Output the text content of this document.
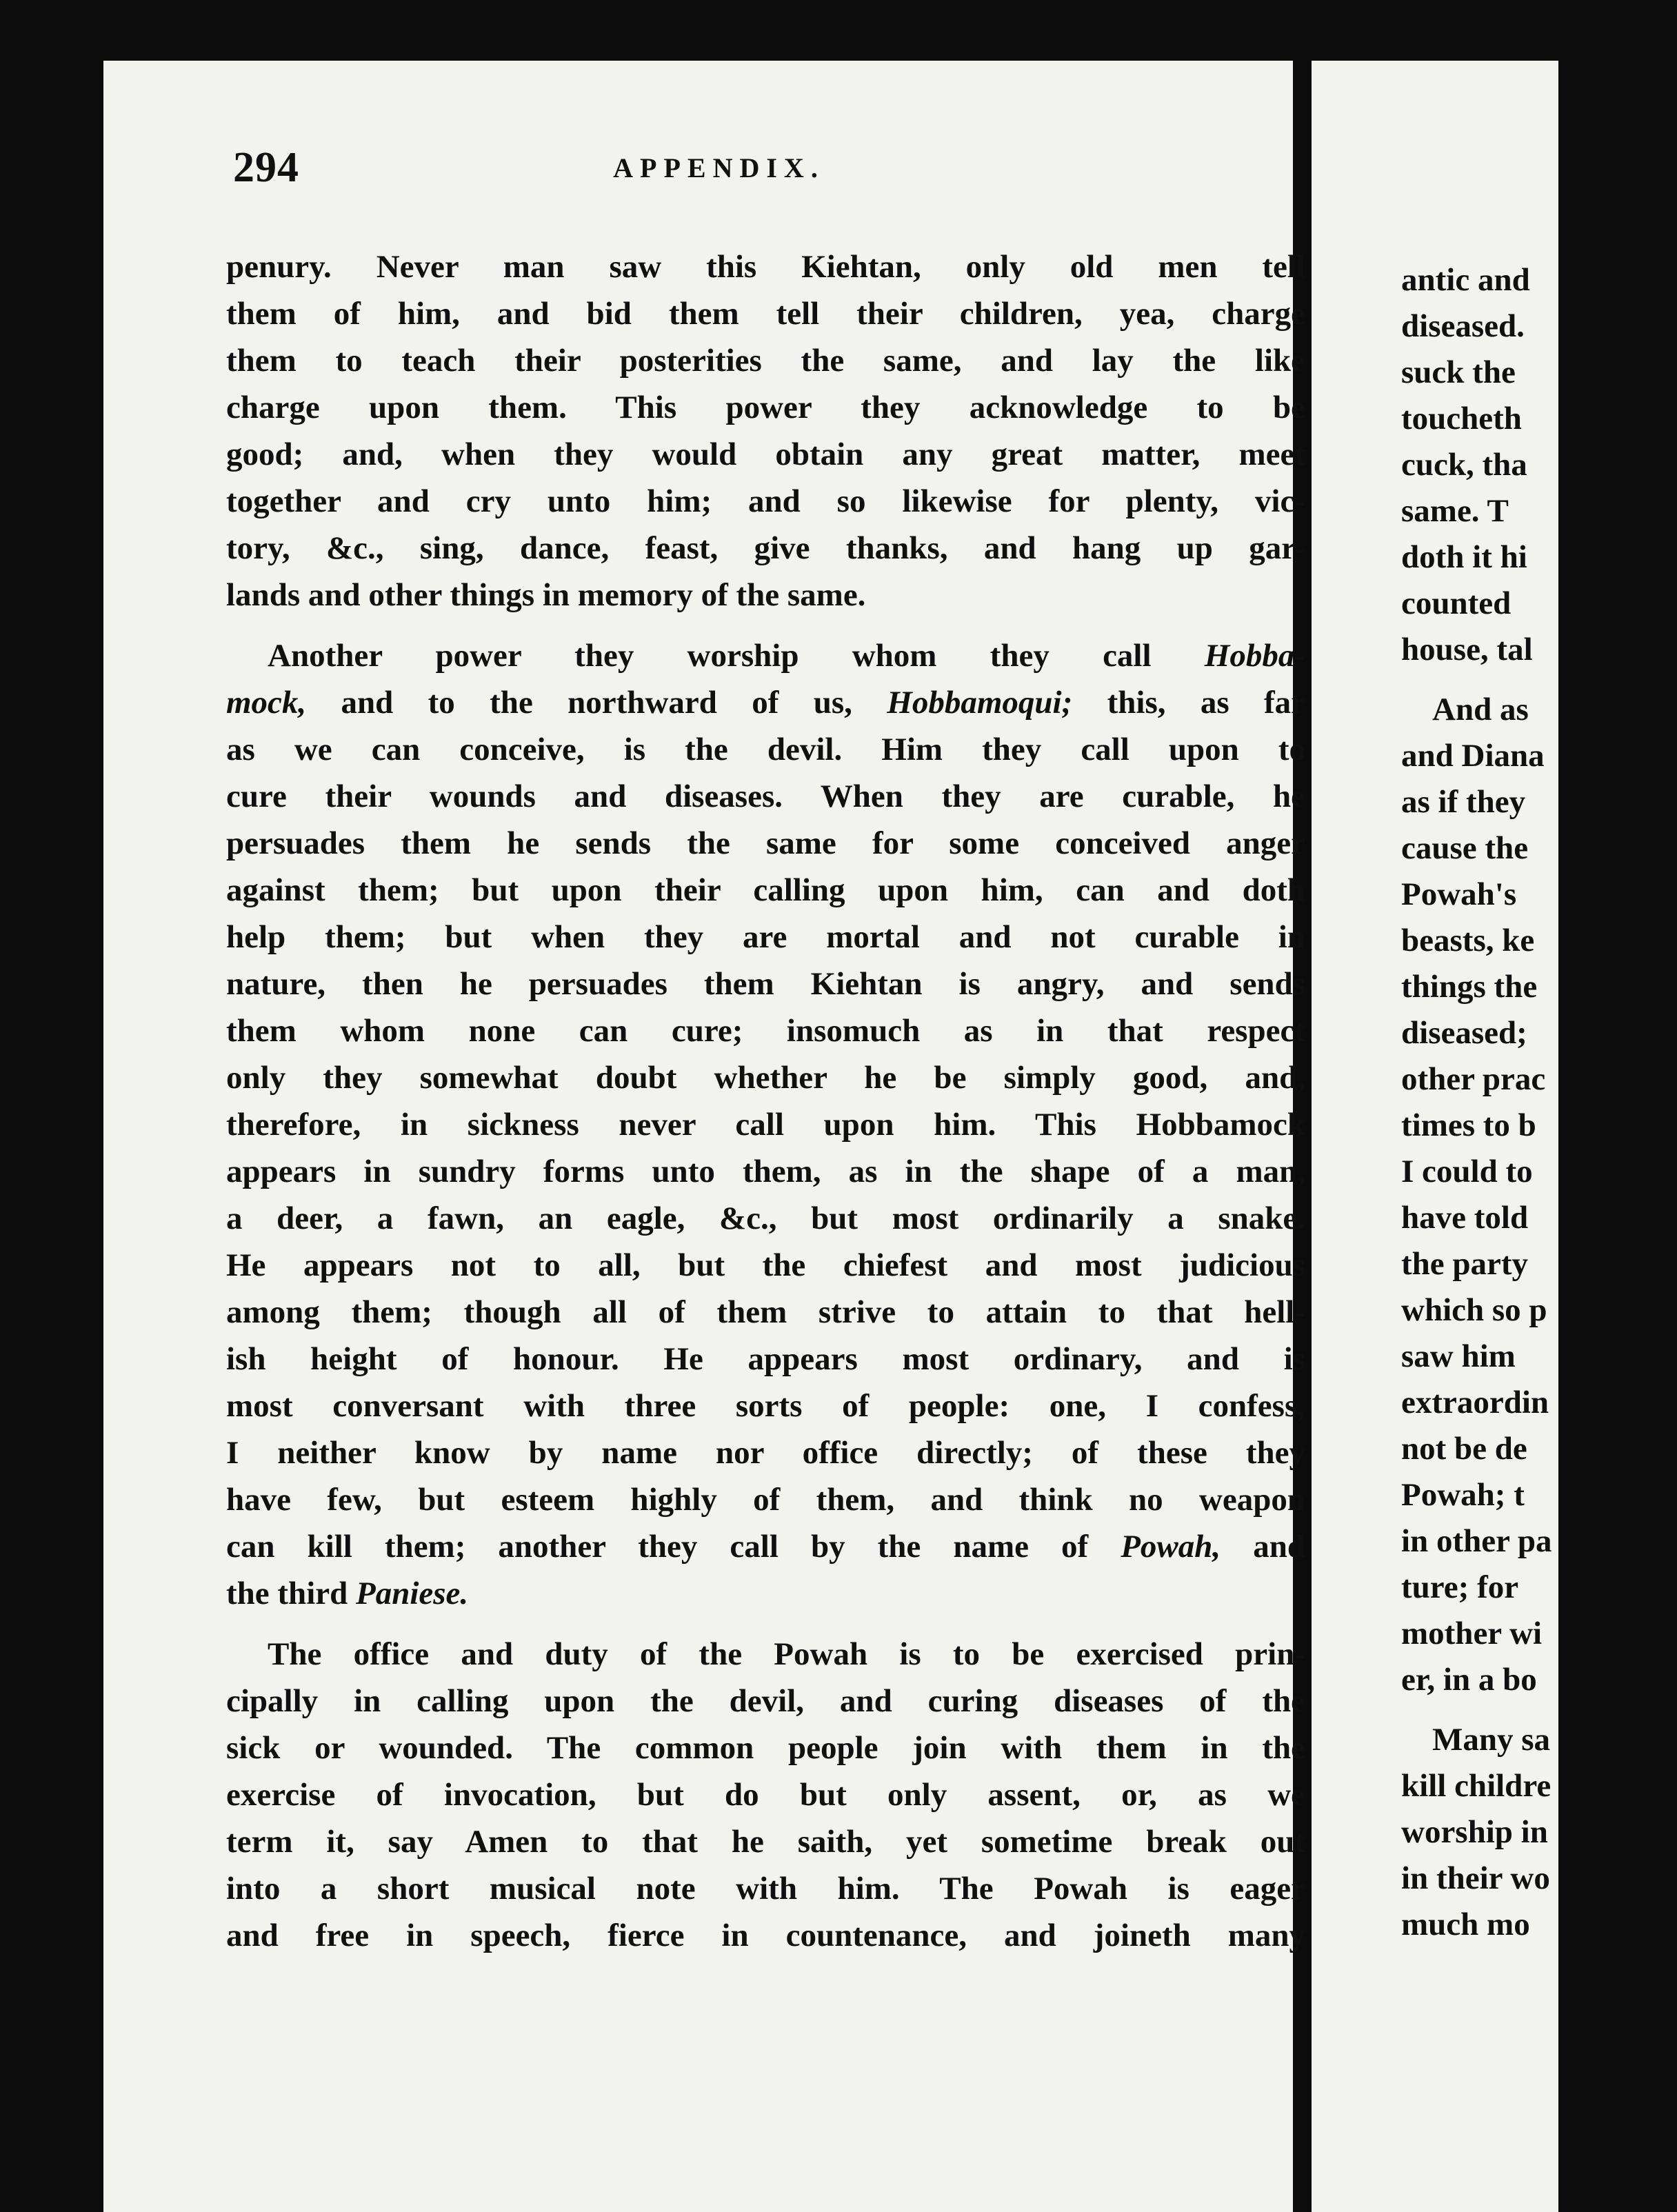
294	APPENDIX.
penury. Never man saw this Kiehtan, only old men tell
them of him, and bid them tell their children, yea, charge
them to teach their posterities the same, and lay the like
charge upon them. This power they acknowledge to be
good; and, when they would obtain any great matter, meet
together and cry unto him; and so likewise for plenty, vic-
tory, &c., sing, dance, feast, give thanks, and hang up gar-
lands and other things in memory of the same.
Another power they worship whom they call Hobba-
mock, and to the northward of us, Hobbamoqui; this, as far
as we can conceive, is the devil. Him they call upon to
cure their wounds and diseases. When they are curable, he
persuades them he sends the same for some conceived anger
against them; but upon their calling upon him, can and doth
help them; but when they are mortal and not curable in
nature, then he persuades them Kiehtan is angry, and sends
them whom none can cure; insomuch as in that respect
only they somewhat doubt whether he be simply good, and,
therefore, in sickness never call upon him. This Hobbamock
appears in sundry forms unto them, as in the shape of a man,
a deer, a fawn, an eagle, &c., but most ordinarily a snake.
He appears not to all, but the chiefest and most judicious
among them; though all of them strive to attain to that hell-
ish height of honour. He appears most ordinary, and is
most conversant with three sorts of people: one, I confess,
I neither know by name nor office directly; of these they
have few, but esteem highly of them, and think no weapon
can kill them; another they call by the name of Powah, and
the third Paniese.
The office and duty of the Powah is to be exercised prin-
cipally in calling upon the devil, and curing diseases of the
sick or wounded. The common people join with them in the
exercise of invocation, but do but only assent, or, as we
term it, say Amen to that he saith, yet sometime break out
into a short musical note with him. The Powah is eager
and free in speech, fierce in countenance, and joineth many
antic and
diseased.
suck the
toucheth
cuck, tha
same. T
doth it hi
counted
house, tal
And as
and Diana
as if they
cause the
Powah's
beasts, ke
things the
diseased;
other prac
times to b
I could to
have told
the party
which so p
saw him
extraordin
not be de
Powah; t
in other pa
ture; for
mother wi
er, in a bo
Many sa
kill childre
worship in
in their wo
much mo
